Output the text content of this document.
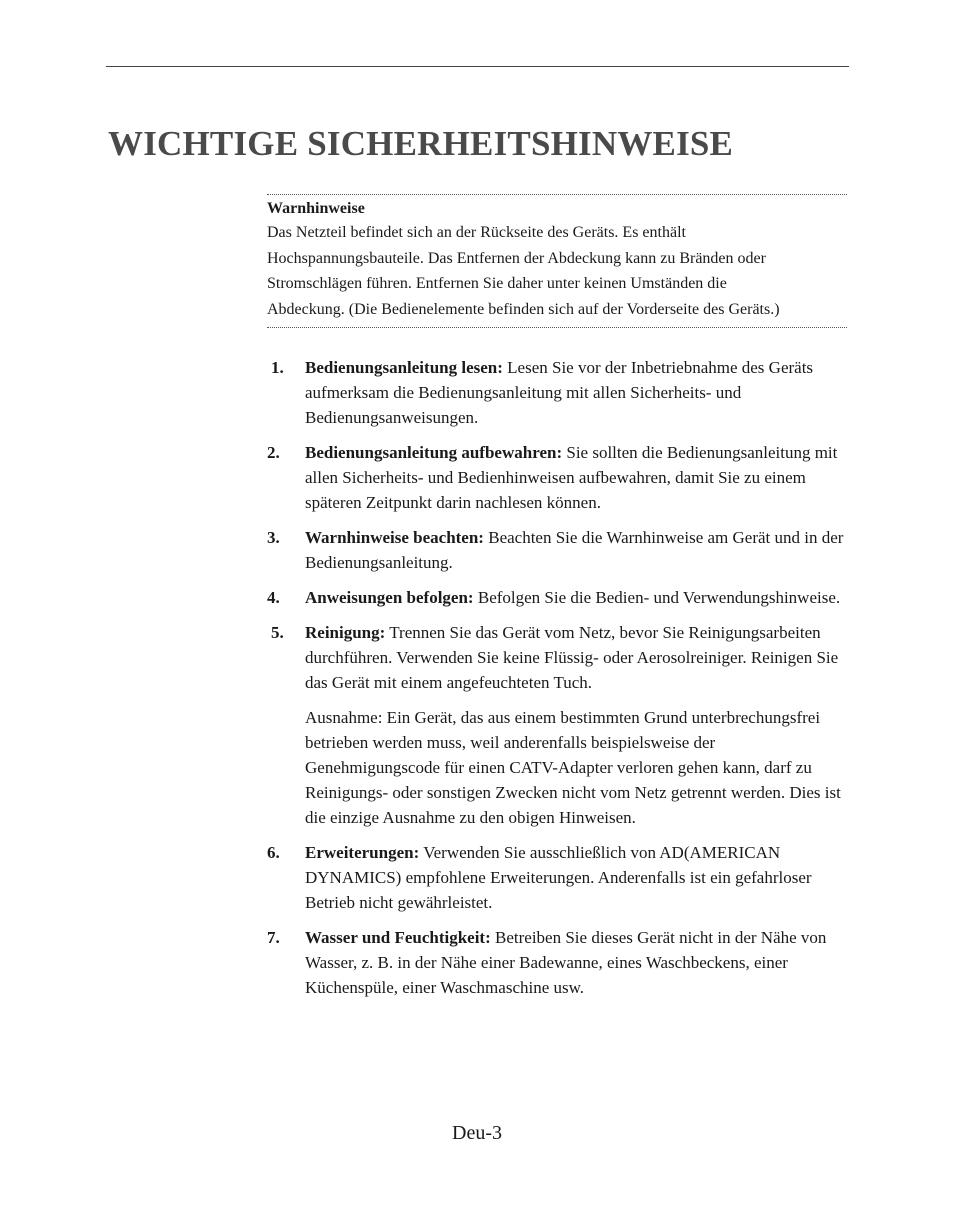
WICHTIGE SICHERHEITSHINWEISE
Warnhinweise

Das Netzteil befindet sich an der Rückseite des Geräts. Es enthält

Hochspannungsbauteile. Das Entfernen der Abdeckung kann zu Bränden oder

Stromschlägen führen. Entfernen Sie daher unter keinen Umständen die

Abdeckung. (Die Bedienelemente befinden sich auf der Vorderseite des Geräts.)

1.	Bedienungsanleitung lesen: Lesen Sie vor der Inbetriebnahme des Geräts aufmerksam die Bedienungsanleitung mit allen Sicherheits- und Bedienungsanweisungen.
2.	Bedienungsanleitung aufbewahren: Sie sollten die Bedienungsanleitung mit allen Sicherheits- und Bedienhinweisen aufbewahren, damit Sie zu einem späteren Zeitpunkt darin nachlesen können.
3.	Warnhinweise beachten: Beachten Sie die Warnhinweise am Gerät und in der Bedienungsanleitung.
4.	Anweisungen befolgen: Befolgen Sie die Bedien- und Verwendungshinweise.
5.	Reinigung: Trennen Sie das Gerät vom Netz, bevor Sie Reinigungsarbeiten durchführen. Verwenden Sie keine Flüssig- oder Aerosolreiniger. Reinigen Sie das Gerät mit einem angefeuchteten Tuch.
Ausnahme: Ein Gerät, das aus einem bestimmten Grund unterbrechungsfrei betrieben werden muss, weil anderenfalls beispielsweise der Genehmigungscode für einen CATV-Adapter verloren gehen kann, darf zu Reinigungs- oder sonstigen Zwecken nicht vom Netz getrennt werden. Dies ist die einzige Ausnahme zu den obigen Hinweisen.
6.	Erweiterungen: Verwenden Sie ausschließlich von AD(AMERICAN DYNAMICS) empfohlene Erweiterungen. Anderenfalls ist ein gefahrloser Betrieb nicht gewährleistet.
7.	Wasser und Feuchtigkeit: Betreiben Sie dieses Gerät nicht in der Nähe von Wasser, z. B. in der Nähe einer Badewanne, eines Waschbeckens, einer Küchenspüle, einer Waschmaschine usw.
Deu-3
